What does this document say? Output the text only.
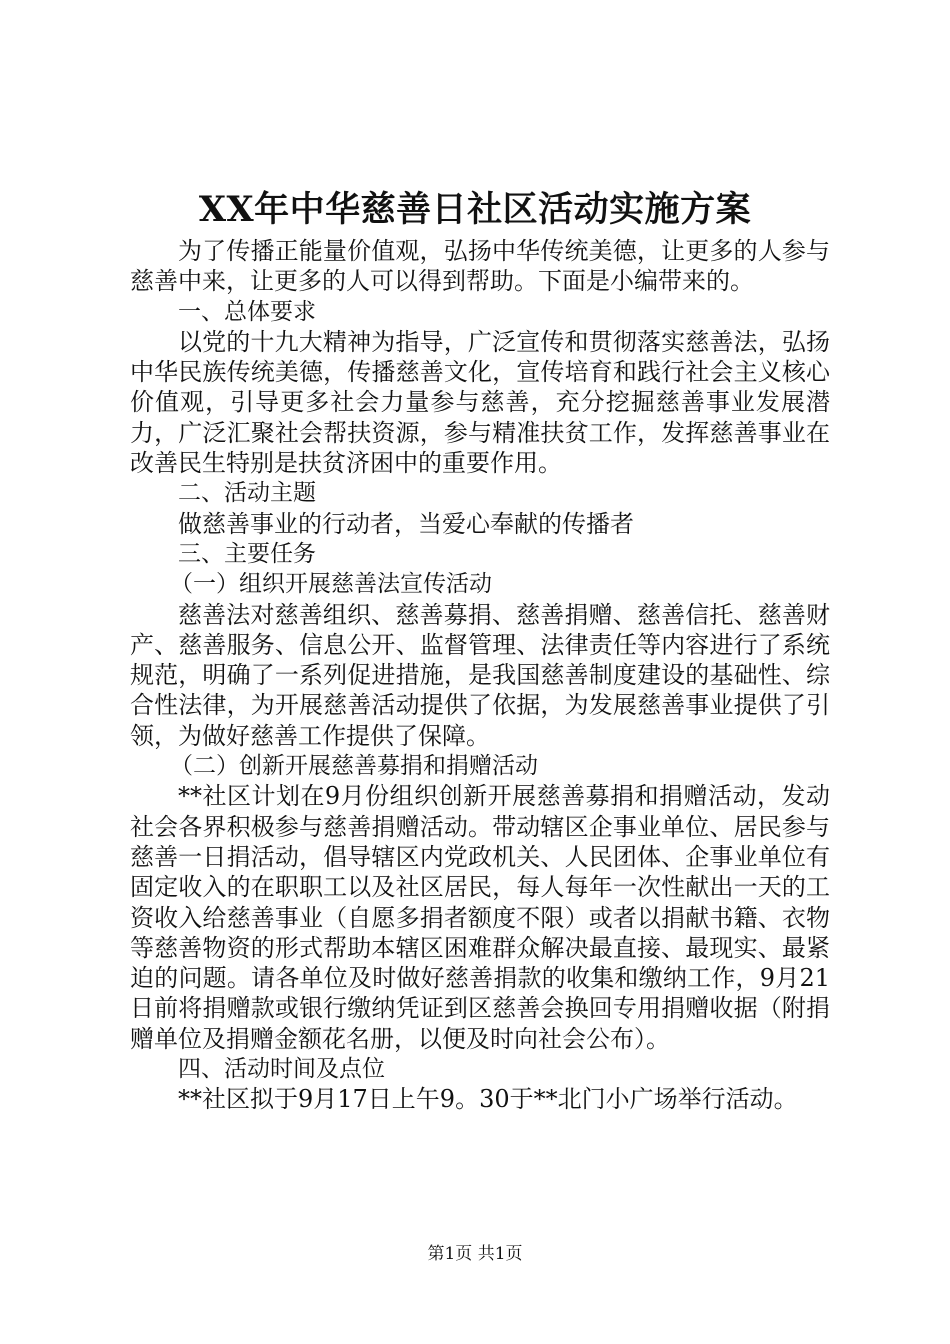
XX年中华慈善日社区活动实施方案

为了传播正能量价值观，弘扬中华传统美德，让更多的人参与慈善中来，让更多的人可以得到帮助。下面是小编带来的。

一、总体要求

以党的十九大精神为指导，广泛宣传和贯彻落实慈善法，弘扬中华民族传统美德，传播慈善文化，宣传培育和践行社会主义核心价值观，引导更多社会力量参与慈善，充分挖掘慈善事业发展潜力，广泛汇聚社会帮扶资源，参与精准扶贫工作，发挥慈善事业在改善民生特别是扶贫济困中的重要作用。

二、活动主题

做慈善事业的行动者，当爱心奉献的传播者

三、主要任务

（一）组织开展慈善法宣传活动

慈善法对慈善组织、慈善募捐、慈善捐赠、慈善信托、慈善财产、慈善服务、信息公开、监督管理、法律责任等内容进行了系统规范，明确了一系列促进措施，是我国慈善制度建设的基础性、综合性法律，为开展慈善活动提供了依据，为发展慈善事业提供了引领，为做好慈善工作提供了保障。

（二）创新开展慈善募捐和捐赠活动

**社区计划在9月份组织创新开展慈善募捐和捐赠活动，发动社会各界积极参与慈善捐赠活动。带动辖区企事业单位、居民参与慈善一日捐活动，倡导辖区内党政机关、人民团体、企事业单位有固定收入的在职职工以及社区居民，每人每年一次性献出一天的工资收入给慈善事业（自愿多捐者额度不限）或者以捐献书籍、衣物等慈善物资的形式帮助本辖区困难群众解决最直接、最现实、最紧迫的问题。请各单位及时做好慈善捐款的收集和缴纳工作，9月21日前将捐赠款或银行缴纳凭证到区慈善会换回专用捐赠收据（附捐赠单位及捐赠金额花名册，以便及时向社会公布）。

四、活动时间及点位

**社区拟于9月17日上午9。30于**北门小广场举行活动。

第1页 共1页
